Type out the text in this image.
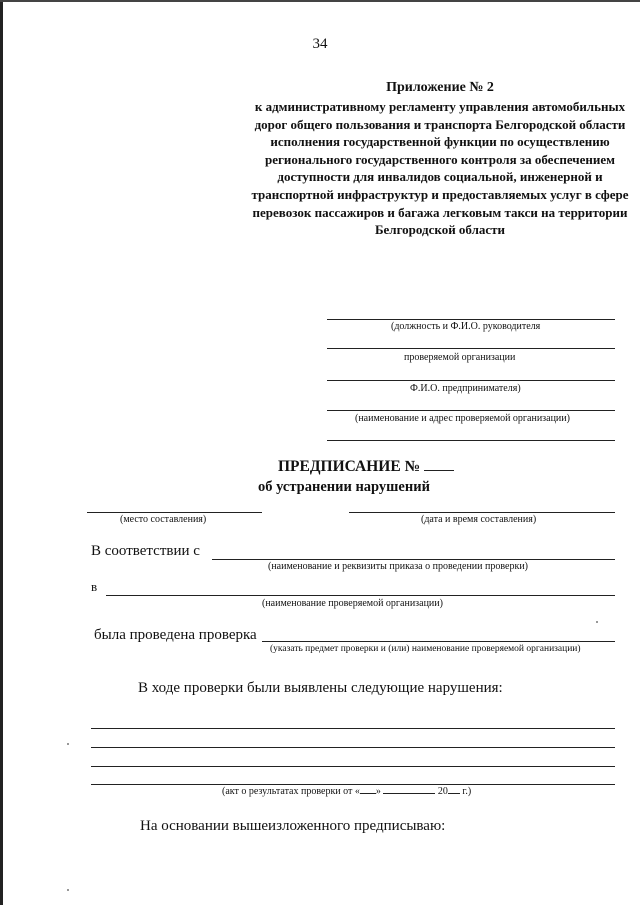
34
Приложение № 2
к административному регламенту управления автомобильных дорог общего пользования и транспорта Белгородской области исполнения государственной функции по осуществлению регионального государственного контроля за обеспечением доступности для инвалидов социальной, инженерной и транспортной инфраструктур и предоставляемых услуг в сфере перевозок пассажиров и багажа легковым такси на территории Белгородской области
(должность и Ф.И.О. руководителя
проверяемой организации
Ф.И.О. предпринимателя)
(наименование и адрес проверяемой организации)
ПРЕДПИСАНИЕ №
об устранении нарушений
(место составления)	(дата и время составления)
В соответствии с
(наименование и реквизиты приказа о проведении проверки)
в
(наименование проверяемой организации)
была проведена проверка
(указать предмет проверки и (или) наименование проверяемой организации)
В ходе проверки были выявлены следующие нарушения:
(акт о результатах проверки от « »	20 г.)
На основании вышеизложенного предписываю:
